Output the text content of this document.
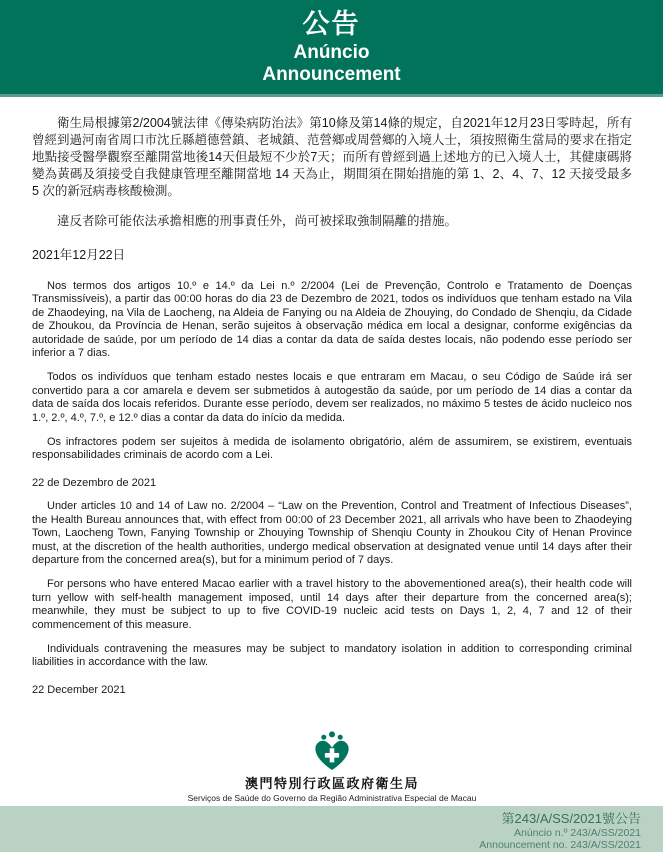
公告
Anúncio
Announcement

衛生局根據第2/2004號法律《傳染病防治法》第10條及第14條的規定，自2021年12月23日零時起，所有曾經到過河南省周口市沈丘縣趙德營鎮、老城鎮、范營鄉或周營鄉的入境人士，須按照衛生當局的要求在指定地點接受醫學觀察至離開當地後14天但最短不少於7天；而所有曾經到過上述地方的已入境人士，其健康碼將變為黃碼及須接受自我健康管理至離開當地 14 天為止，期間須在開始措施的第 1、2、4、7、12 天接受最多 5 次的新冠病毒核酸檢測。

違反者除可能依法承擔相應的刑事責任外，尚可被採取強制隔離的措施。

2021年12月22日

Nos termos dos artigos 10.º e 14.º da Lei n.º 2/2004 (Lei de Prevenção, Controlo e Tratamento de Doenças Transmissíveis), a partir das 00:00 horas do dia 23 de Dezembro de 2021, todos os indivíduos que tenham estado na Vila de Zhaodeying, na Vila de Laocheng, na Aldeia de Fanying ou na Aldeia de Zhouying, do Condado de Shenqiu, da Cidade de Zhoukou, da Província de Henan, serão sujeitos à observação médica em local a designar, conforme exigências da autoridade de saúde, por um período de 14 dias a contar da data de saída destes locais, não podendo esse período ser inferior a 7 dias.

Todos os indivíduos que tenham estado nestes locais e que entraram em Macau, o seu Código de Saúde irá ser convertido para a cor amarela e devem ser submetidos à autogestão da saúde, por um período de 14 dias a contar da data de saída dos locais referidos. Durante esse período, devem ser realizados, no máximo 5 testes de ácido nucleico nos 1.º, 2.º, 4.º, 7.º, e 12.º dias a contar da data do início da medida.

Os infractores podem ser sujeitos à medida de isolamento obrigatório, além de assumirem, se existirem, eventuais responsabilidades criminais de acordo com a Lei.

22 de Dezembro de 2021

Under articles 10 and 14 of Law no. 2/2004 – “Law on the Prevention, Control and Treatment of Infectious Diseases”, the Health Bureau announces that, with effect from 00:00 of 23 December 2021, all arrivals who have been to Zhaodeying Town, Laocheng Town, Fanying Township or Zhouying Township of Shenqiu County in Zhoukou City of Henan Province must, at the discretion of the health authorities, undergo medical observation at designated venue until 14 days after their departure from the concerned area(s), but for a minimum period of 7 days.

For persons who have entered Macao earlier with a travel history to the abovementioned area(s), their health code will turn yellow with self-health management imposed, until 14 days after their departure from the concerned area(s); meanwhile, they must be subject to up to five COVID-19 nucleic acid tests on Days 1, 2, 4, 7 and 12 of their commencement of this measure.

Individuals contravening the measures may be subject to mandatory isolation in addition to corresponding criminal liabilities in accordance with the law.

22 December 2021

澳門特別行政區政府衛生局
Serviços de Saúde do Governo da Região Administrativa Especial de Macau
第243/A/SS/2021號公告
Anúncio n.º 243/A/SS/2021
Announcement no. 243/A/SS/2021
